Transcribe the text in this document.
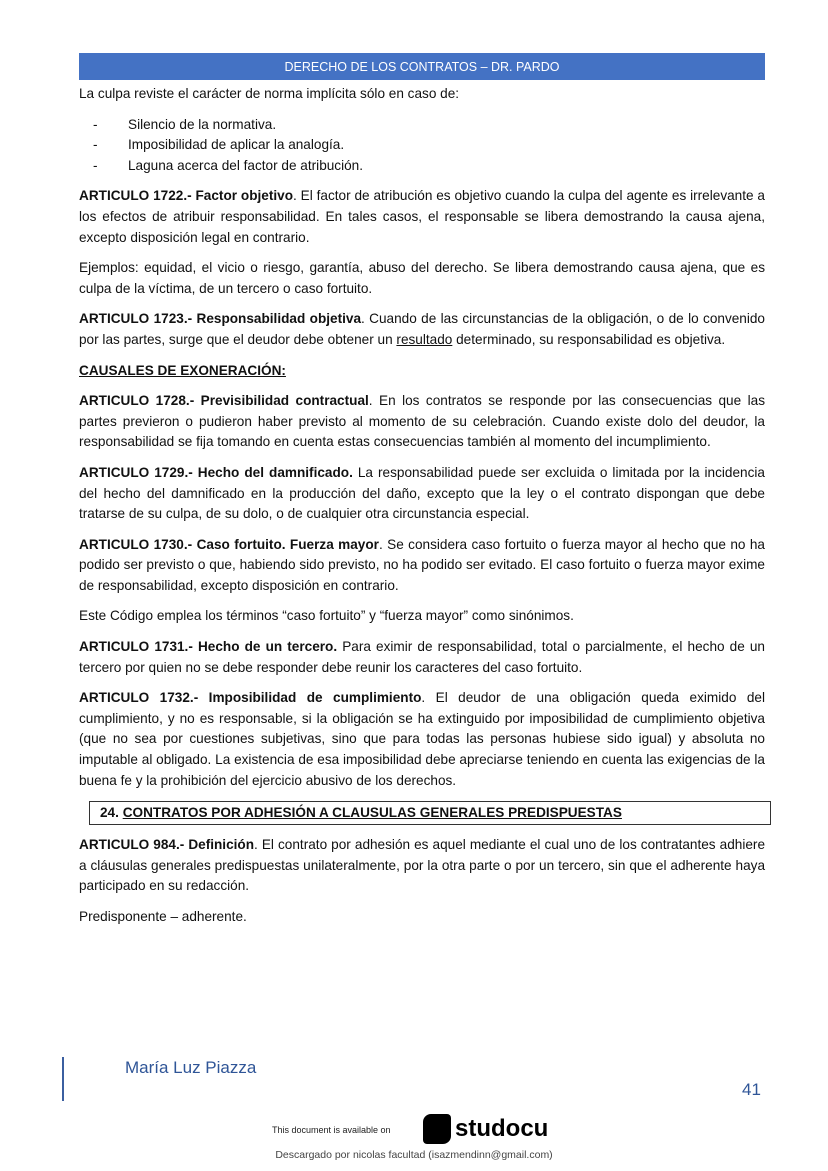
DERECHO DE LOS CONTRATOS – DR. PARDO

La culpa reviste el carácter de norma implícita sólo en caso de:

- Silencio de la normativa.
- Imposibilidad de aplicar la analogía.
- Laguna acerca del factor de atribución.

ARTICULO 1722.- Factor objetivo. El factor de atribución es objetivo cuando la culpa del agente es irrelevante a los efectos de atribuir responsabilidad. En tales casos, el responsable se libera demostrando la causa ajena, excepto disposición legal en contrario.

Ejemplos: equidad, el vicio o riesgo, garantía, abuso del derecho. Se libera demostrando causa ajena, que es culpa de la víctima, de un tercero o caso fortuito.

ARTICULO 1723.- Responsabilidad objetiva. Cuando de las circunstancias de la obligación, o de lo convenido por las partes, surge que el deudor debe obtener un resultado determinado, su responsabilidad es objetiva.

CAUSALES DE EXONERACIÓN:

ARTICULO 1728.- Previsibilidad contractual. En los contratos se responde por las consecuencias que las partes previeron o pudieron haber previsto al momento de su celebración. Cuando existe dolo del deudor, la responsabilidad se fija tomando en cuenta estas consecuencias también al momento del incumplimiento.

ARTICULO 1729.- Hecho del damnificado. La responsabilidad puede ser excluida o limitada por la incidencia del hecho del damnificado en la producción del daño, excepto que la ley o el contrato dispongan que debe tratarse de su culpa, de su dolo, o de cualquier otra circunstancia especial.

ARTICULO 1730.- Caso fortuito. Fuerza mayor. Se considera caso fortuito o fuerza mayor al hecho que no ha podido ser previsto o que, habiendo sido previsto, no ha podido ser evitado. El caso fortuito o fuerza mayor exime de responsabilidad, excepto disposición en contrario.

Este Código emplea los términos “caso fortuito” y “fuerza mayor” como sinónimos.

ARTICULO 1731.- Hecho de un tercero. Para eximir de responsabilidad, total o parcialmente, el hecho de un tercero por quien no se debe responder debe reunir los caracteres del caso fortuito.

ARTICULO 1732.- Imposibilidad de cumplimiento. El deudor de una obligación queda eximido del cumplimiento, y no es responsable, si la obligación se ha extinguido por imposibilidad de cumplimiento objetiva (que no sea por cuestiones subjetivas, sino que para todas las personas hubiese sido igual) y absoluta no imputable al obligado. La existencia de esa imposibilidad debe apreciarse teniendo en cuenta las exigencias de la buena fe y la prohibición del ejercicio abusivo de los derechos.

24. CONTRATOS POR ADHESIÓN A CLAUSULAS GENERALES PREDISPUESTAS

ARTICULO 984.- Definición. El contrato por adhesión es aquel mediante el cual uno de los contratantes adhiere a cláusulas generales predispuestas unilateralmente, por la otra parte o por un tercero, sin que el adherente haya participado en su redacción.

Predisponente – adherente.

María Luz Piazza
41
This document is available on	studocu
Descargado por nicolas facultad (isazmendinn@gmail.com)
